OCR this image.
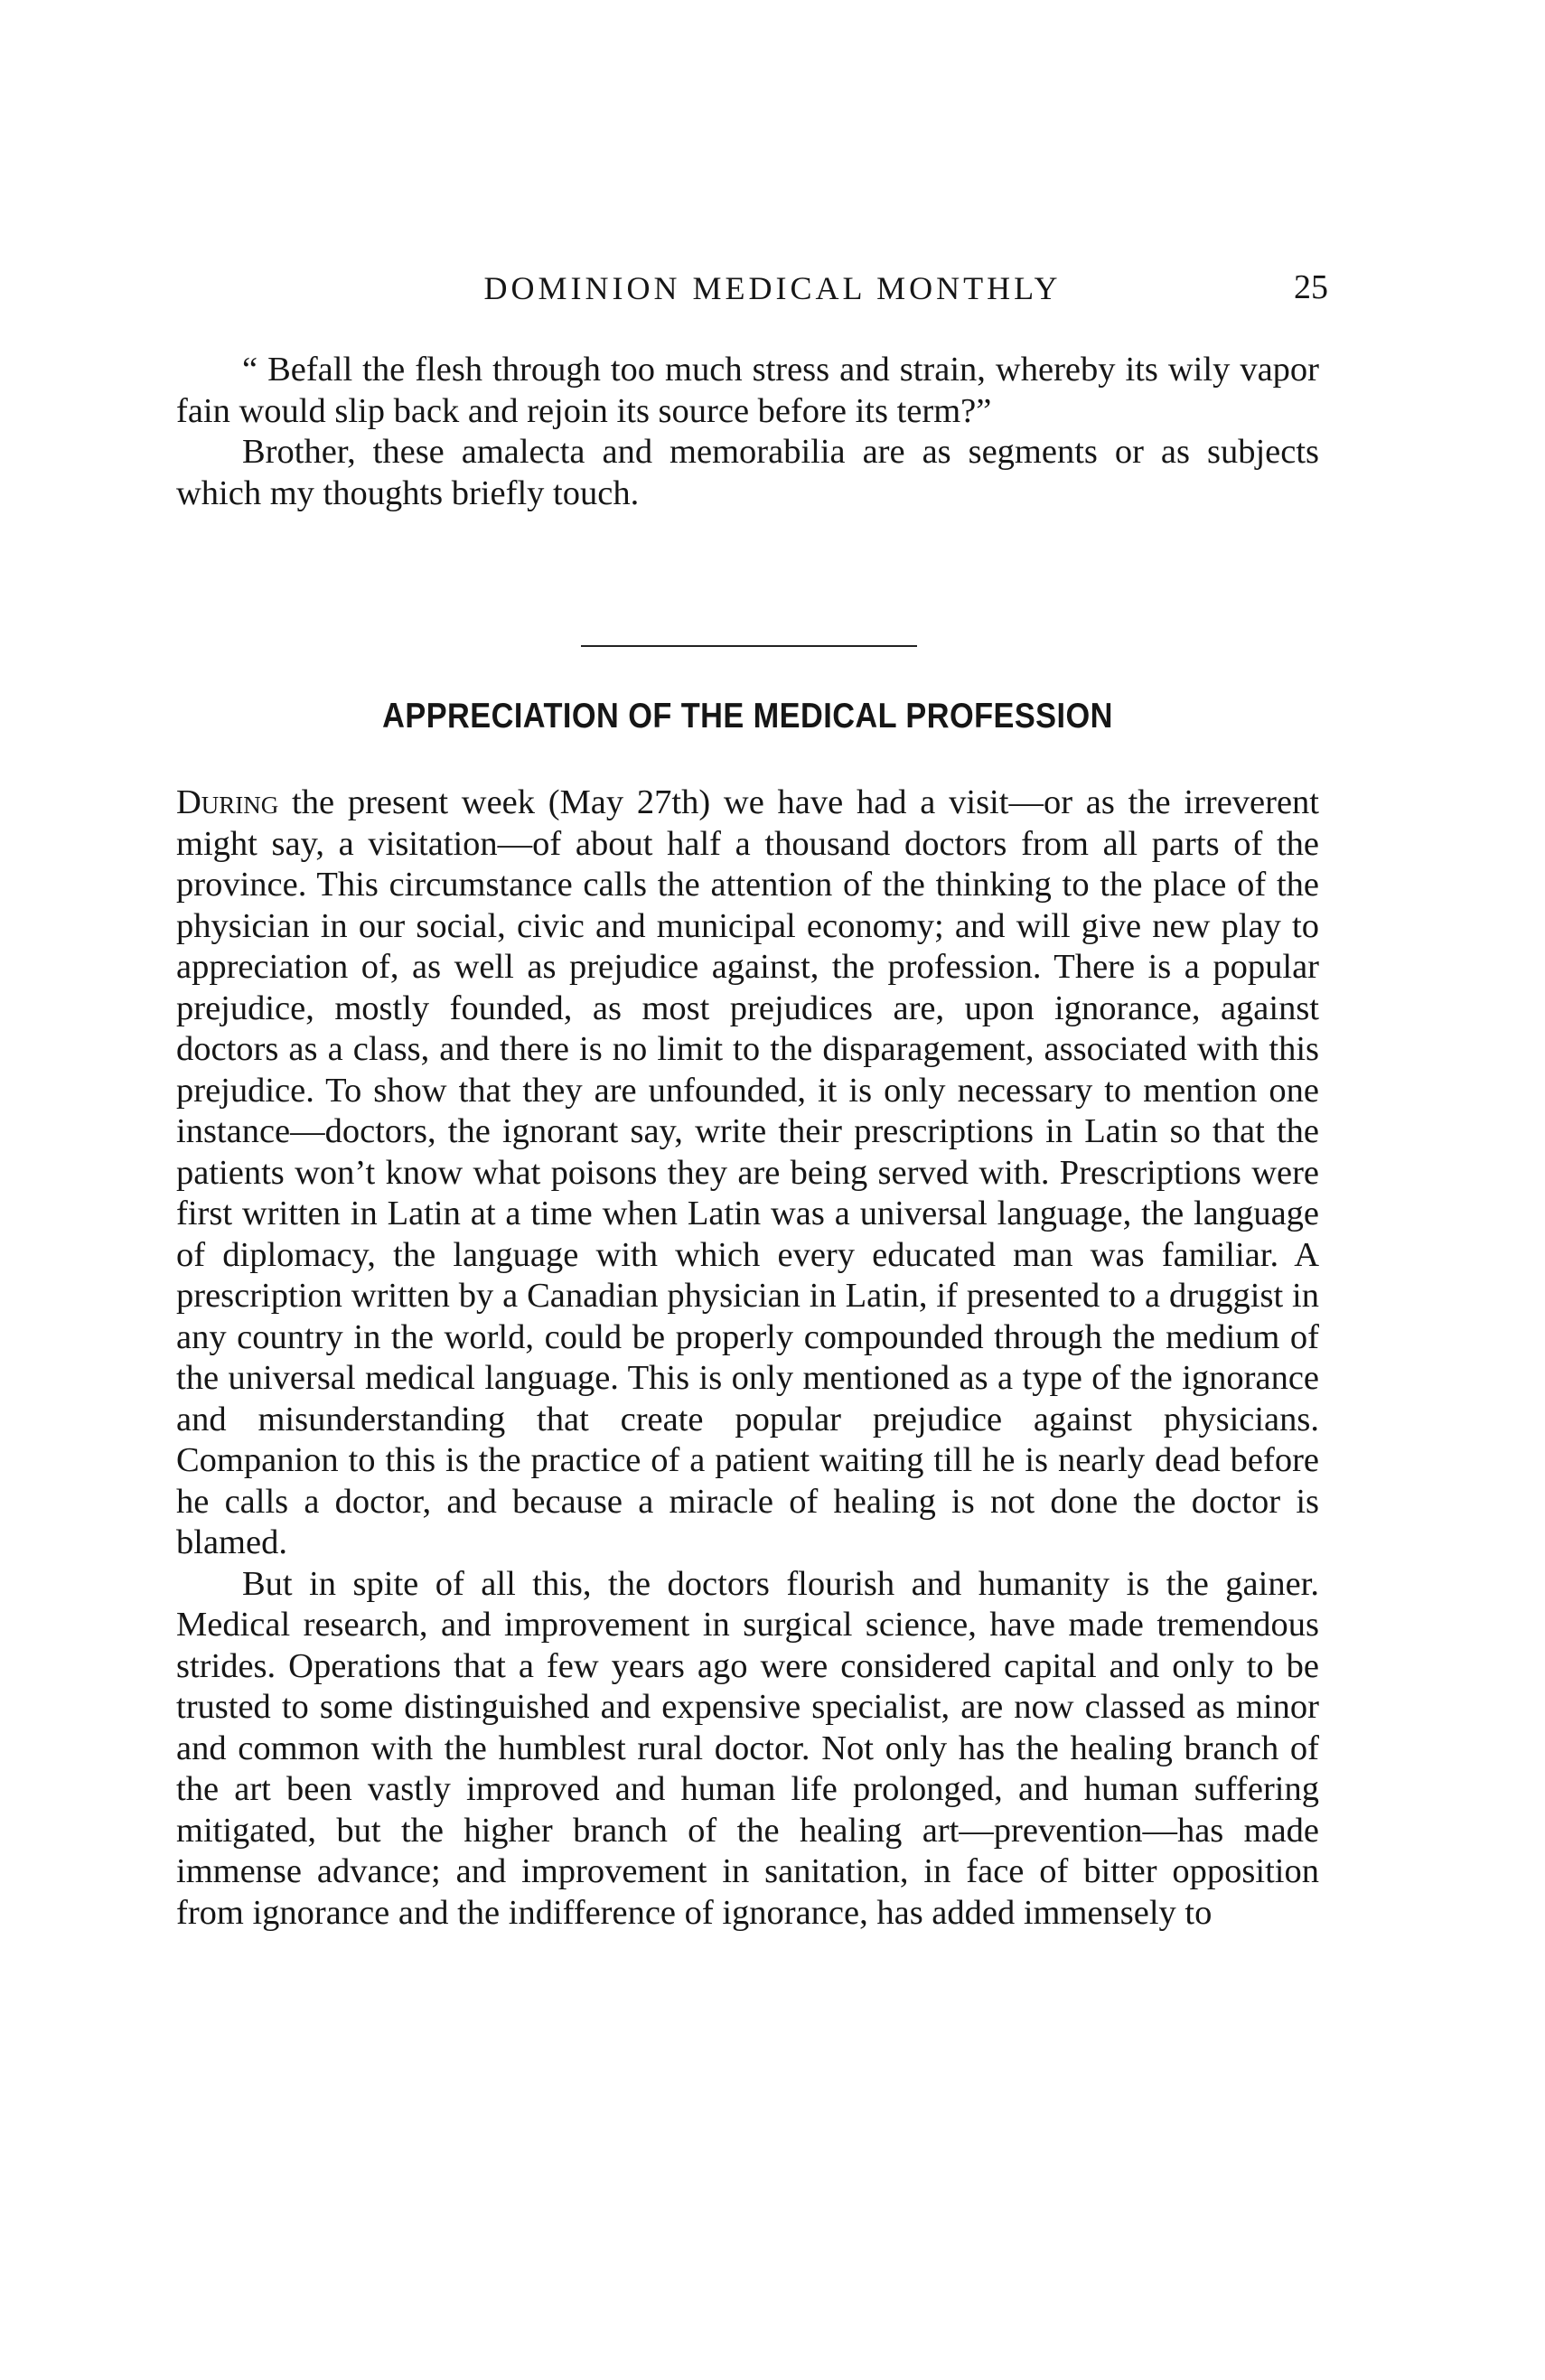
DOMINION MEDICAL MONTHLY	25

“ Befall the flesh through too much stress and strain, whereby its wily vapor fain would slip back and rejoin its source before its term?”

Brother, these amalecta and memorabilia are as segments or as subjects which my thoughts briefly touch.

APPRECIATION OF THE MEDICAL PROFESSION

During the present week (May 27th) we have had a visit—or as the irreverent might say, a visitation—of about half a thousand doctors from all parts of the province. This circumstance calls the attention of the thinking to the place of the physician in our social, civic and municipal economy; and will give new play to appreciation of, as well as prejudice against, the profession. There is a popular prejudice, mostly founded, as most prejudices are, upon ignorance, against doctors as a class, and there is no limit to the disparagement, associated with this prejudice. To show that they are unfounded, it is only necessary to mention one instance—doctors, the ignorant say, write their prescriptions in Latin so that the patients won’t know what poisons they are being served with. Prescriptions were first written in Latin at a time when Latin was a universal language, the language of diplomacy, the language with which every educated man was familiar. A prescription written by a Canadian physician in Latin, if presented to a druggist in any country in the world, could be properly compounded through the medium of the universal medical language. This is only mentioned as a type of the ignorance and misunderstanding that create popular prejudice against physicians. Companion to this is the practice of a patient waiting till he is nearly dead before he calls a doctor, and because a miracle of healing is not done the doctor is blamed.

But in spite of all this, the doctors flourish and humanity is the gainer. Medical research, and improvement in surgical science, have made tremendous strides. Operations that a few years ago were considered capital and only to be trusted to some distinguished and expensive specialist, are now classed as minor and common with the humblest rural doctor. Not only has the healing branch of the art been vastly improved and human life prolonged, and human suffering mitigated, but the higher branch of the healing art—prevention—has made immense advance; and improvement in sanitation, in face of bitter opposition from ignorance and the indifference of ignorance, has added immensely to
